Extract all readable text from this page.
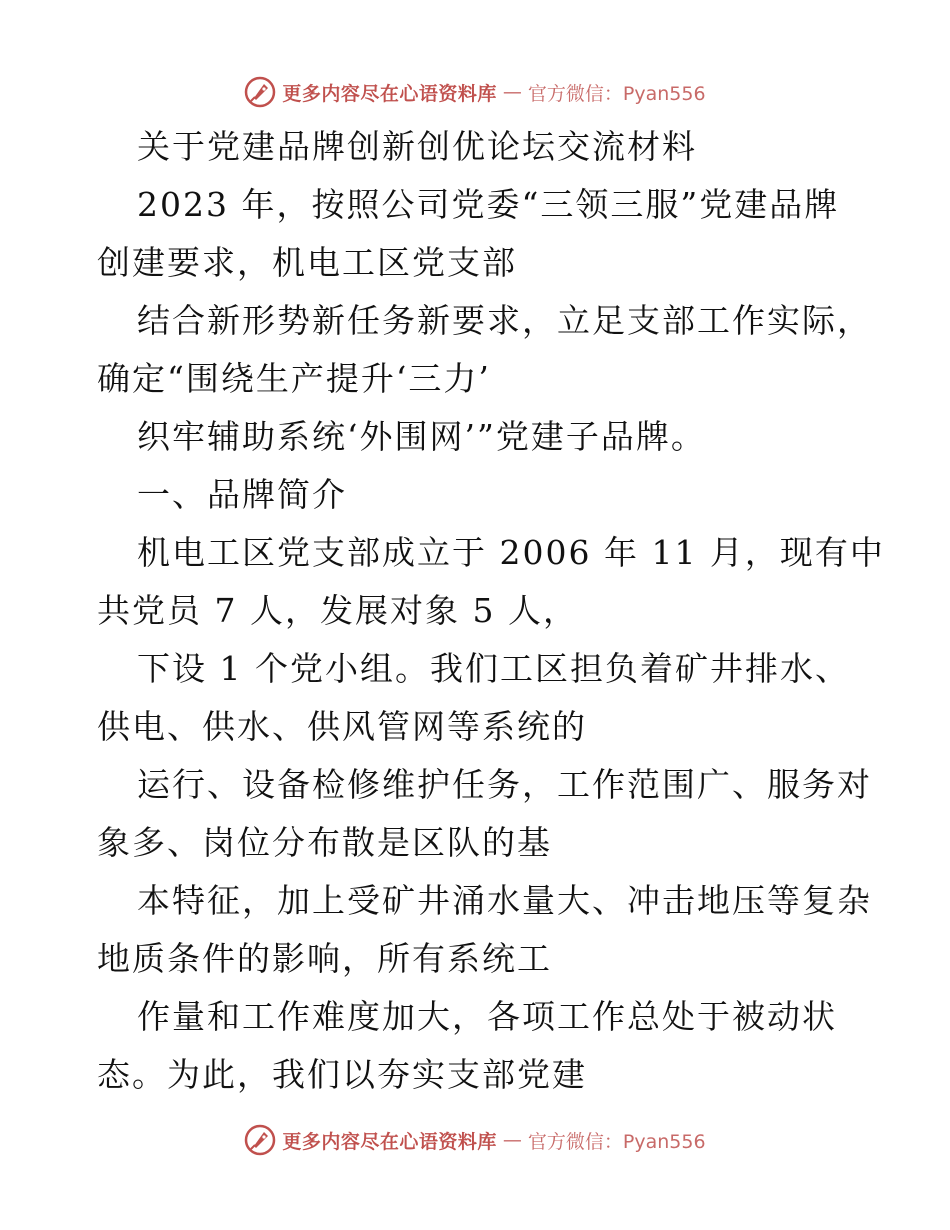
更多内容尽在心语资料库 — 官方微信：Pyan556
关于党建品牌创新创优论坛交流材料
2023 年，按照公司党委“三领三服”党建品牌
创建要求，机电工区党支部
结合新形势新任务新要求，立足支部工作实际，
确定“围绕生产提升‘三力’
织牢辅助系统‘外围网’”党建子品牌。
一、品牌简介
机电工区党支部成立于 2006 年 11 月，现有中
共党员 7 人，发展对象 5 人，
下设 1 个党小组。我们工区担负着矿井排水、
供电、供水、供风管网等系统的
运行、设备检修维护任务，工作范围广、服务对
象多、岗位分布散是区队的基
本特征，加上受矿井涌水量大、冲击地压等复杂
地质条件的影响，所有系统工
作量和工作难度加大，各项工作总处于被动状
态。为此，我们以夯实支部党建
更多内容尽在心语资料库 — 官方微信：Pyan556
